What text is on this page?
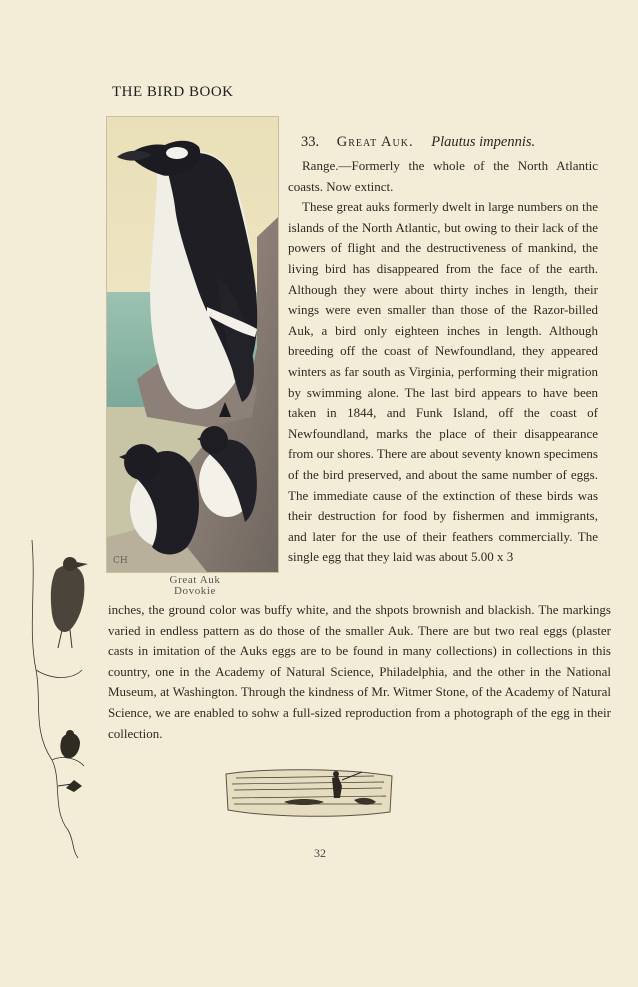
THE BIRD BOOK
CH
Great Auk
Dovokie
33. Great Auk. Plautus impennis.

Range.—Formerly the whole of the North Atlantic coasts. Now extinct.

These great auks formerly dwelt in large numbers on the islands of the North Atlantic, but owing to their lack of the powers of flight and the destructiveness of mankind, the living bird has disappeared from the face of the earth. Although they were about thirty inches in length, their wings were even smaller than those of the Razor-billed Auk, a bird only eighteen inches in length. Although breeding off the coast of Newfoundland, they appeared winters as far south as Virginia, performing their migration by swimming alone. The last bird appears to have been taken in 1844, and Funk Island, off the coast of Newfoundland, marks the place of their disappearance from our shores. There are about seventy known specimens of the bird preserved, and about the same number of eggs. The immediate cause of the extinction of these birds was their destruction for food by fishermen and immigrants, and later for the use of their feathers commercially. The single egg that they laid was about 5.00 x 3

inches, the ground color was buffy white, and the shpots brownish and blackish. The markings varied in endless pattern as do those of the smaller Auk. There are but two real eggs (plaster casts in imitation of the Auks eggs are to be found in many collections) in collections in this country, one in the Academy of Natural Science, Philadelphia, and the other in the National Museum, at Washington. Through the kindness of Mr. Witmer Stone, of the Academy of Natural Science, we are enabled to sohw a full-sized reproduction from a photograph of the egg in their collection.

32
